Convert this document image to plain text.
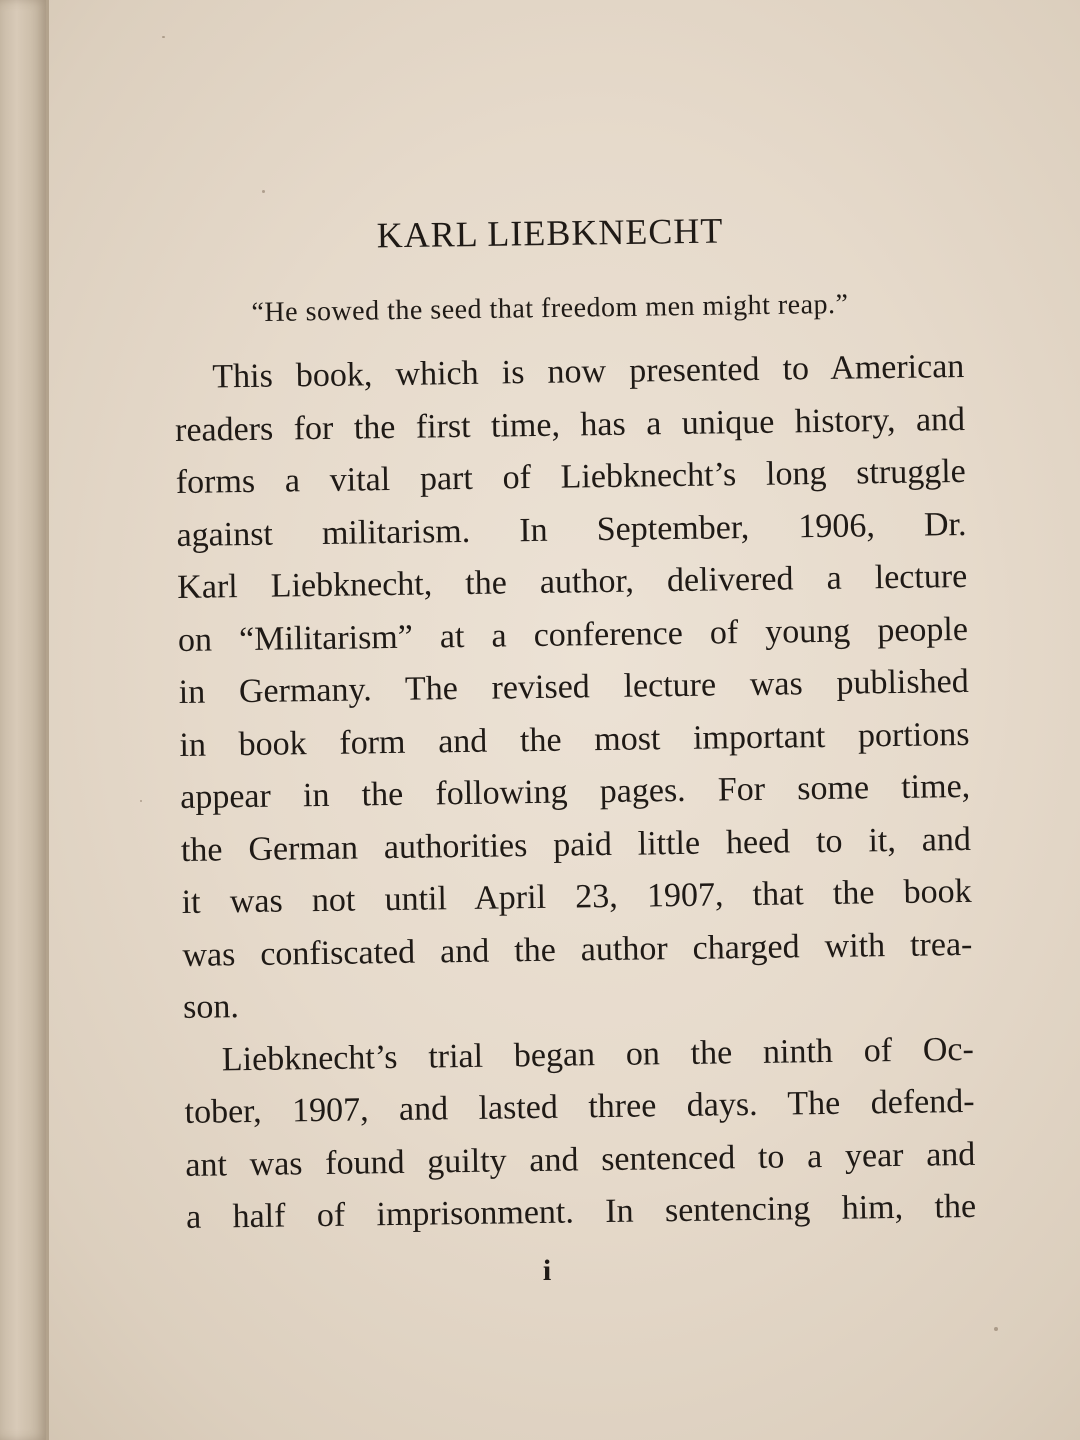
KARL LIEBKNECHT

“He sowed the seed that freedom men might reap.”

This book, which is now presented to American
readers for the first time, has a unique history, and
forms a vital part of Liebknecht’s long struggle
against militarism. In September, 1906, Dr.
Karl Liebknecht, the author, delivered a lecture
on “Militarism” at a conference of young people
in Germany. The revised lecture was published
in book form and the most important portions
appear in the following pages. For some time,
the German authorities paid little heed to it, and
it was not until April 23, 1907, that the book
was confiscated and the author charged with trea-
son.
Liebknecht’s trial began on the ninth of Oc-
tober, 1907, and lasted three days. The defend-
ant was found guilty and sentenced to a year and
a half of imprisonment. In sentencing him, the
i
